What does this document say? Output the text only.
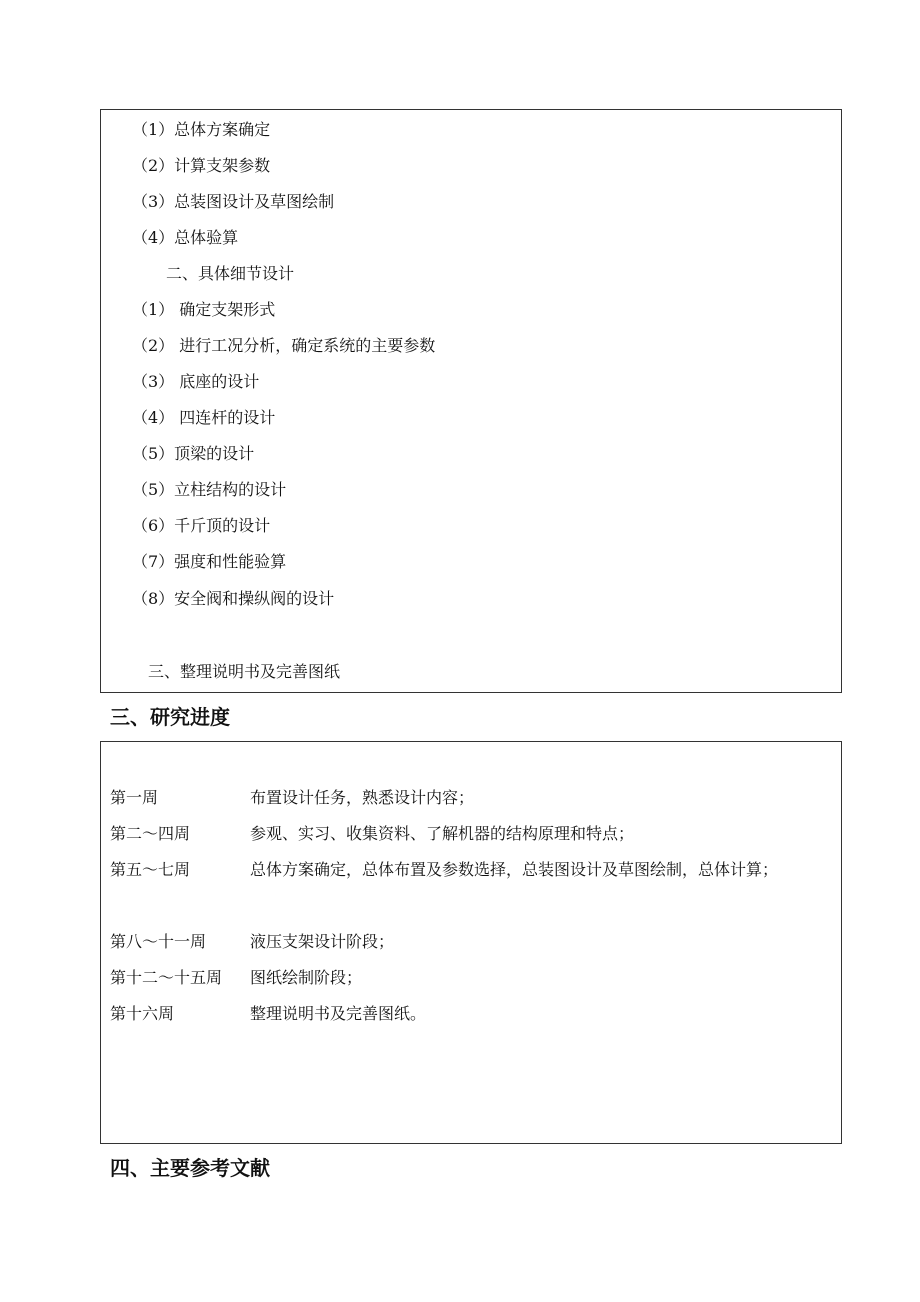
（1）总体方案确定
（2）计算支架参数
（3）总装图设计及草图绘制
（4）总体验算
二、具体细节设计
（1） 确定支架形式
（2） 进行工况分析，确定系统的主要参数
（3） 底座的设计
（4） 四连杆的设计
（5）顶梁的设计
（5）立柱结构的设计
（6）千斤顶的设计
（7）强度和性能验算
（8）安全阀和操纵阀的设计
三、整理说明书及完善图纸
三、研究进度
第一周	布置设计任务，熟悉设计内容；
第二～四周	参观、实习、收集资料、了解机器的结构原理和特点；
第五～七周	总体方案确定，总体布置及参数选择，总装图设计及草图绘制，总体计算；
第八～十一周	液压支架设计阶段；
第十二～十五周 图纸绘制阶段；
第十六周	整理说明书及完善图纸。
四、主要参考文献
